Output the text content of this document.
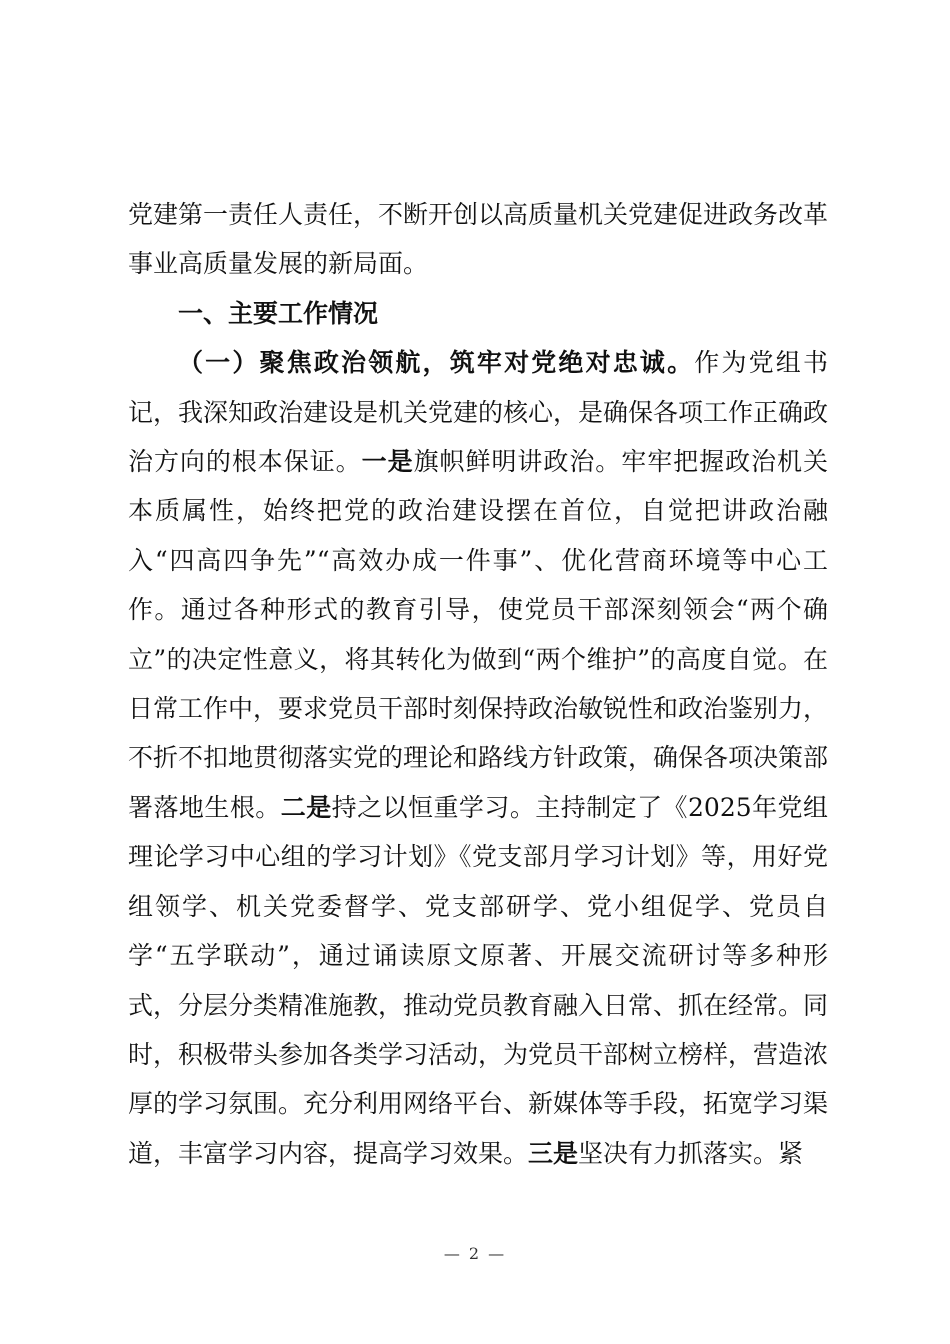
党建第一责任人责任，不断开创以高质量机关党建促进政务改革事业高质量发展的新局面。

一、主要工作情况

（一）聚焦政治领航，筑牢对党绝对忠诚。作为党组书记，我深知政治建设是机关党建的核心，是确保各项工作正确政治方向的根本保证。一是旗帜鲜明讲政治。牢牢把握政治机关本质属性，始终把党的政治建设摆在首位，自觉把讲政治融入“四高四争先”“高效办成一件事”、优化营商环境等中心工作。通过各种形式的教育引导，使党员干部深刻领会“两个确立”的决定性意义，将其转化为做到“两个维护”的高度自觉。在日常工作中，要求党员干部时刻保持政治敏锐性和政治鉴别力，不折不扣地贯彻落实党的理论和路线方针政策，确保各项决策部署落地生根。二是持之以恒重学习。主持制定了《2025年党组理论学习中心组的学习计划》《党支部月学习计划》等，用好党组领学、机关党委督学、党支部研学、党小组促学、党员自学“五学联动”，通过诵读原文原著、开展交流研讨等多种形式，分层分类精准施教，推动党员教育融入日常、抓在经常。同时，积极带头参加各类学习活动，为党员干部树立榜样，营造浓厚的学习氛围。充分利用网络平台、新媒体等手段，拓宽学习渠道，丰富学习内容，提高学习效果。三是坚决有力抓落实。紧

— 2 —
